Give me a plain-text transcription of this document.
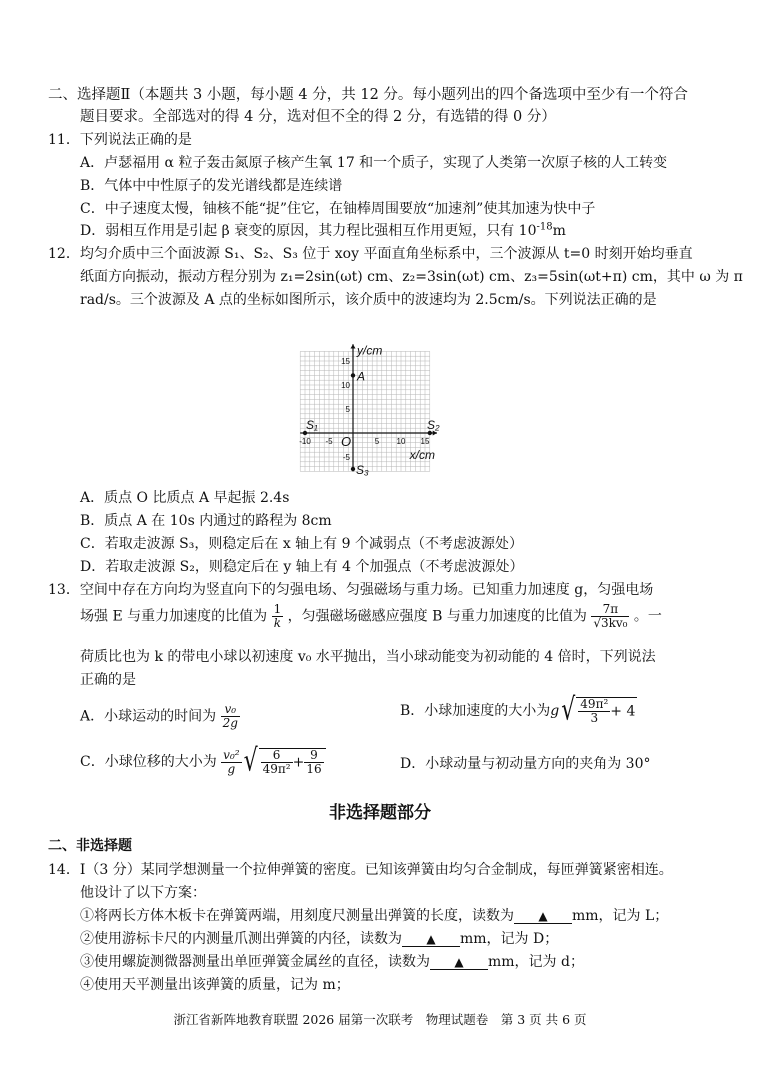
二、选择题Ⅱ（本题共 3 小题，每小题 4 分，共 12 分。每小题列出的四个备选项中至少有一个符合
题目要求。全部选对的得 4 分，选对但不全的得 2 分，有选错的得 0 分）
11．下列说法正确的是
A．卢瑟福用 α 粒子轰击氮原子核产生氧 17 和一个质子，实现了人类第一次原子核的人工转变
B．气体中中性原子的发光谱线都是连续谱
C．中子速度太慢，铀核不能“捉”住它，在铀棒周围要放“加速剂”使其加速为快中子
D．弱相互作用是引起 β 衰变的原因，其力程比强相互作用更短，只有 $10^{-18}m$
12．均匀介质中三个面波源 S₁、S₂、S₃ 位于 xoy 平面直角坐标系中，三个波源从 t=0 时刻开始均垂直
纸面方向振动，振动方程分别为 z₁=2sin(ωt) cm、z₂=3sin(ωt) cm、z₃=5sin(ωt+π) cm，其中 ω 为 π
rad/s。三个波源及 A 点的坐标如图所示，该介质中的波速均为 2.5cm/s。下列说法正确的是
-10 -5	5 10 15
15
10
5
-5
y/cm
x/cm
O
A
S₁	S₂
S₃
A．质点 O 比质点 A 早起振 2.4s
B．质点 A 在 10s 内通过的路程为 8cm
C．若取走波源 S₃，则稳定后在 x 轴上有 9 个减弱点（不考虑波源处）
D．若取走波源 S₂，则稳定后在 y 轴上有 4 个加强点（不考虑波源处）
13．空间中存在方向均为竖直向下的匀强电场、匀强磁场与重力场。已知重力加速度 g，匀强电场
场强 E 与重力加速度的比值为 $\frac{1}{k}$ ，匀强磁场磁感应强度 B 与重力加速度的比值为 $\frac{7\pi}{\text{√3kv₀}}$ 。一
荷质比也为 k 的带电小球以初速度 v₀ 水平抛出，当小球动能变为初动能的 4 倍时，下列说法
正确的是
A．小球运动的时间为 $\frac{\text{v₀}}{2g}$	B．小球加速度的大小为$g√ \frac{\text{49π²}}{3} + 4$
C．小球位移的大小为 $\frac{\text{v₀²}}{g}$ √ $\frac{6}{\text{49π²}} + \frac{9}{16}$	D．小球动量与初动量方向的夹角为 30°
非选择题部分
二、非选择题
14．Ⅰ（3 分）某同学想测量一个拉伸弹簧的密度。已知该弹簧由均匀合金制成，每匝弹簧紧密相连。
他设计了以下方案：
①将两长方体木板卡在弹簧两端，用刻度尺测量出弹簧的长度，读数为 ▲ mm，记为 L；
②使用游标卡尺的内测量爪测出弹簧的内径，读数为 ▲ mm，记为 D；
③使用螺旋测微器测量出单匝弹簧金属丝的直径，读数为 ▲ mm，记为 d；
④使用天平测量出该弹簧的质量，记为 m；
浙江省新阵地教育联盟 2026 届第一次联考　物理试题卷　第 3 页 共 6 页
